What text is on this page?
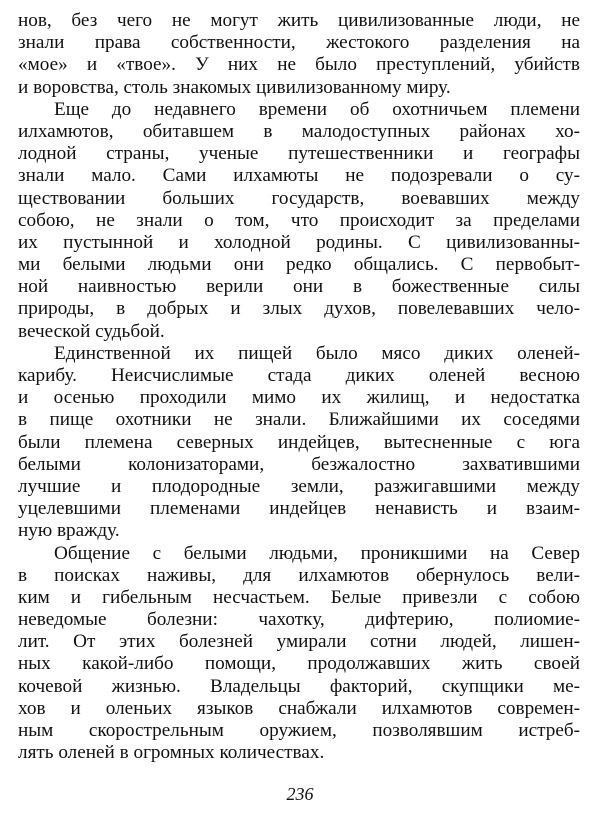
нов, без чего не могут жить цивилизованные люди, не
знали права собственности, жестокого разделения на
«мое» и «твое». У них не было преступлений, убийств
и воровства, столь знакомых цивилизованному миру.
Еще до недавнего времени об охотничьем племени
илхамютов, обитавшем в малодоступных районах хо-
лодной страны, ученые путешественники и географы
знали мало. Сами илхамюты не подозревали о су-
ществовании больших государств, воевавших между
собою, не знали о том, что происходит за пределами
их пустынной и холодной родины. С цивилизованны-
ми белыми людьми они редко общались. С первобыт-
ной наивностью верили они в божественные силы
природы, в добрых и злых духов, повелевавших чело-
веческой судьбой.
Единственной их пищей было мясо диких оленей-
карибу. Неисчислимые стада диких оленей весною
и осенью проходили мимо их жилищ, и недостатка
в пище охотники не знали. Ближайшими их соседями
были племена северных индейцев, вытесненные с юга
белыми колонизаторами, безжалостно захватившими
лучшие и плодородные земли, разжигавшими между
уцелевшими племенами индейцев ненависть и взаим-
ную вражду.
Общение с белыми людьми, проникшими на Север
в поисках наживы, для илхамютов обернулось вели-
ким и гибельным несчастьем. Белые привезли с собою
неведомые болезни: чахотку, дифтерию, полиомие-
лит. От этих болезней умирали сотни людей, лишен-
ных какой-либо помощи, продолжавших жить своей
кочевой жизнью. Владельцы факторий, скупщики ме-
хов и оленьих языков снабжали илхамютов современ-
ным скорострельным оружием, позволявшим истреб-
лять оленей в огромных количествах.
236
